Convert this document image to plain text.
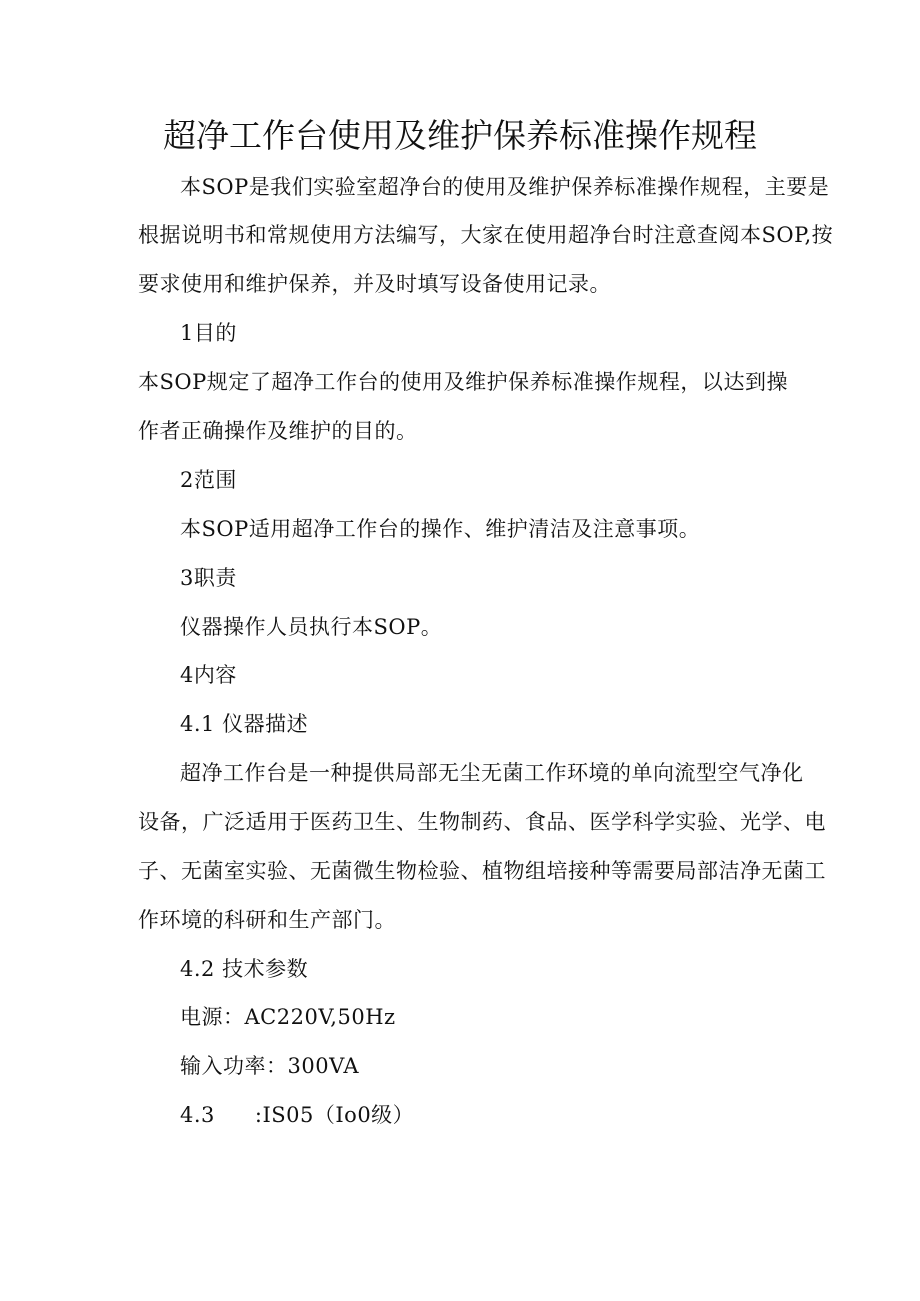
超净工作台使用及维护保养标准操作规程
本SOP是我们实验室超净台的使用及维护保养标准操作规程，主要是
根据说明书和常规使用方法编写，大家在使用超净台时注意查阅本SOP,按
要求使用和维护保养，并及时填写设备使用记录。
1目的
本SOP规定了超净工作台的使用及维护保养标准操作规程，以达到操
作者正确操作及维护的目的。
2范围
本SOP适用超净工作台的操作、维护清洁及注意事项。
3职责
仪器操作人员执行本SOP。
4内容
4.1 仪器描述
超净工作台是一种提供局部无尘无菌工作环境的单向流型空气净化
设备，广泛适用于医药卫生、生物制药、食品、医学科学实验、光学、电
子、无菌室实验、无菌微生物检验、植物组培接种等需要局部洁净无菌工
作环境的科研和生产部门。
4.2 技术参数
电源：AC220V,50Hz
输入功率：300VA
4.3 :IS05（Io0级）
